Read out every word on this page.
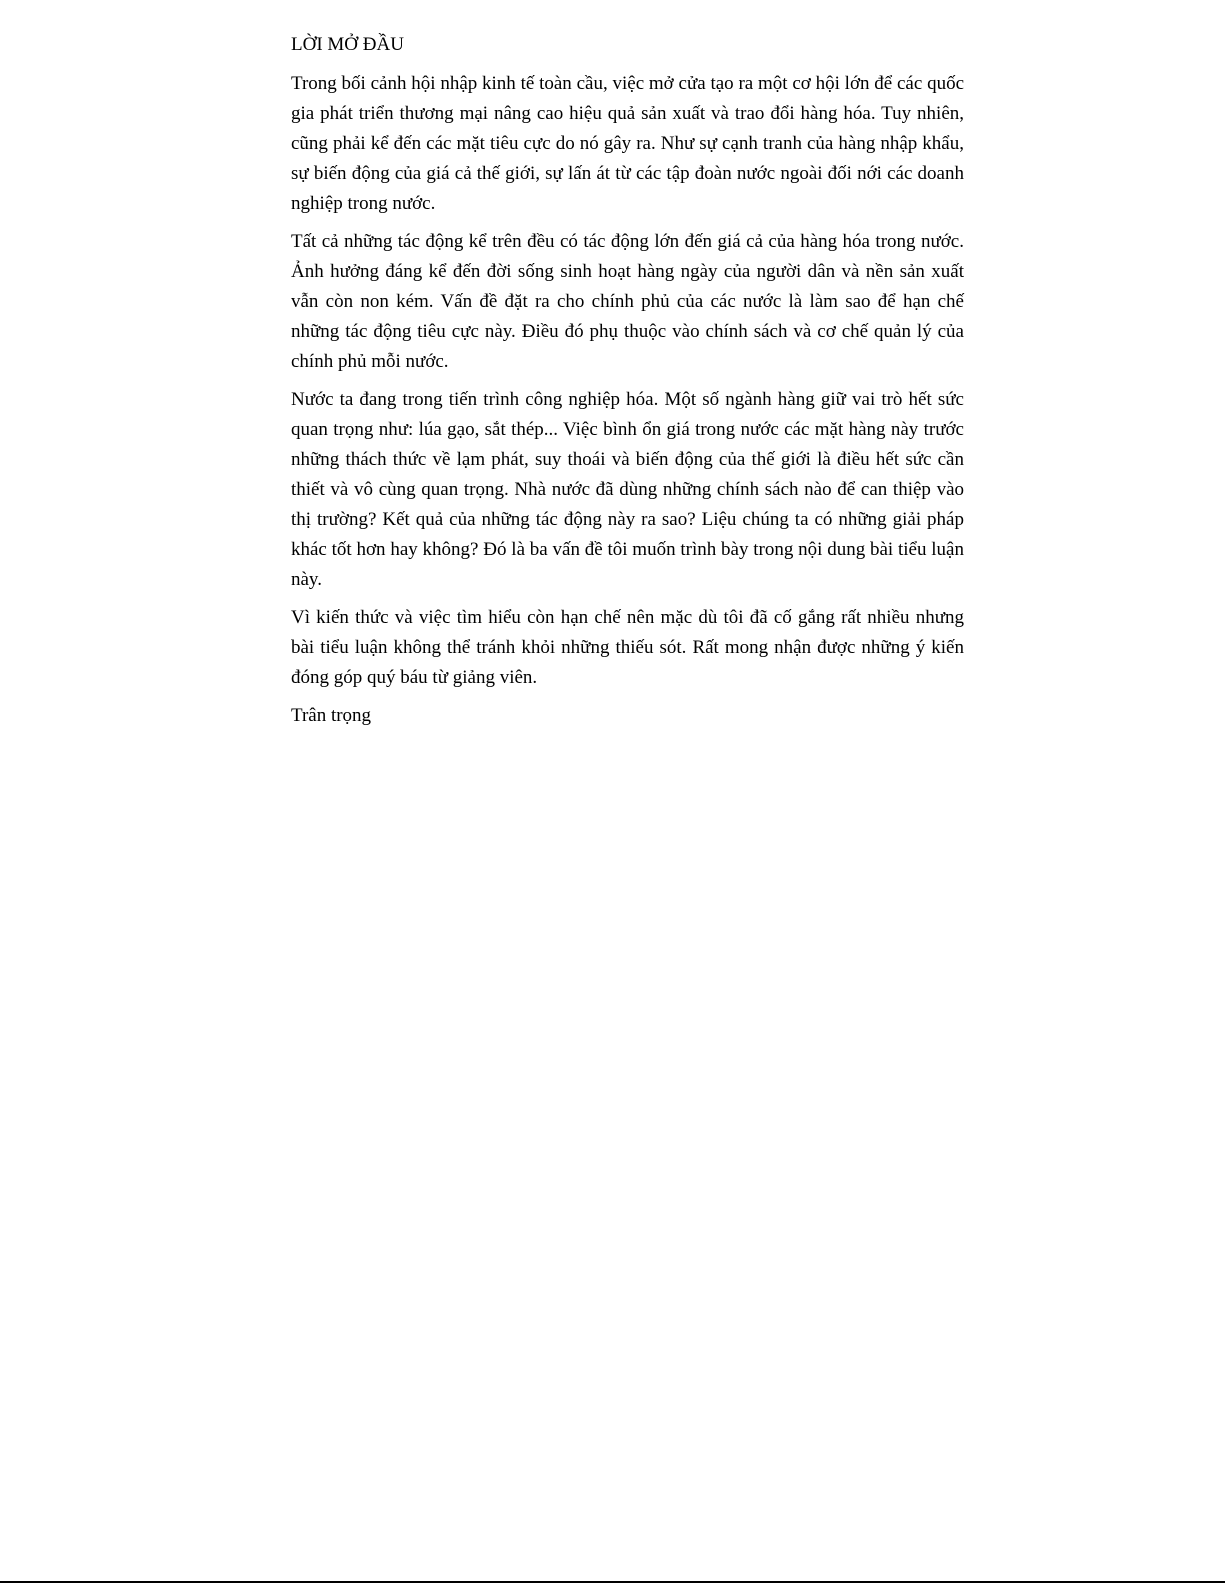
LỜI MỞ ĐẦU

Trong bối cảnh hội nhập kinh tế toàn cầu, việc mở cửa tạo ra một cơ hội lớn để các quốc gia phát triển thương mại nâng cao hiệu quả sản xuất và trao đổi hàng hóa. Tuy nhiên, cũng phải kể đến các mặt tiêu cực do nó gây ra. Như sự cạnh tranh của hàng nhập khẩu, sự biến động của giá cả thế giới, sự lấn át từ các tập đoàn nước ngoài đối nới các doanh nghiệp trong nước.

Tất cả những tác động kể trên đều có tác động lớn đến giá cả của hàng hóa trong nước. Ảnh hưởng đáng kể đến đời sống sinh hoạt hàng ngày của người dân và nền sản xuất vẫn còn non kém. Vấn đề đặt ra cho chính phủ của các nước là làm sao để hạn chế những tác động tiêu cực này. Điều đó phụ thuộc vào chính sách và cơ chế quản lý của chính phủ mỗi nước.

Nước ta đang trong tiến trình công nghiệp hóa. Một số ngành hàng giữ vai trò hết sức quan trọng như: lúa gạo, sắt thép... Việc bình ổn giá trong nước các mặt hàng này trước những thách thức về lạm phát, suy thoái và biến động của thế giới là điều hết sức cần thiết và vô cùng quan trọng. Nhà nước đã dùng những chính sách nào để can thiệp vào thị trường? Kết quả của những tác động này ra sao? Liệu chúng ta có những giải pháp khác tốt hơn hay không? Đó là ba vấn đề tôi muốn trình bày trong nội dung bài tiểu luận này.

Vì kiến thức và việc tìm hiểu còn hạn chế nên mặc dù tôi đã cố gắng rất nhiều nhưng bài tiểu luận không thể tránh khỏi những thiếu sót. Rất mong nhận được những ý kiến đóng góp quý báu từ giảng viên.

Trân trọng
